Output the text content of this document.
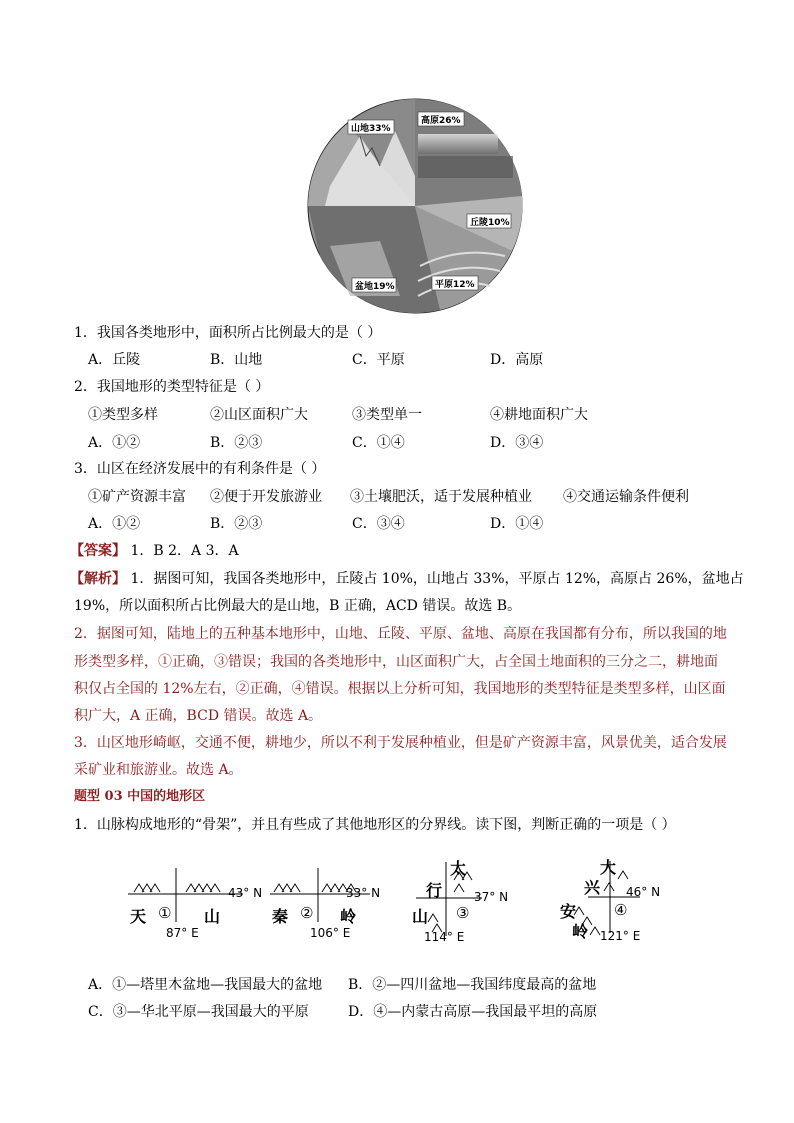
山地33%
高原26%
丘陵10%
平原12%
盆地19%
1．我国各类地形中，面积所占比例最大的是（ ）
A．丘陵	B．山地	C．平原	D．高原
2．我国地形的类型特征是（ ）
①类型多样	②山区面积广大	③类型单一	④耕地面积广大
A．①②	B．②③	C．①④	D．③④
3．山区在经济发展中的有利条件是（ ）
①矿产资源丰富 ②便于开发旅游业 ③土壤肥沃，适于发展种植业 ④交通运输条件便利
A．①②	B．②③	C．③④	D．①④
【答案】 1．B 2．A 3．A
【解析】 1．据图可知，我国各类地形中，丘陵占 10%，山地占 33%，平原占 12%，高原占 26%，盆地占
19%，所以面积所占比例最大的是山地，B 正确，ACD 错误。故选 B。
2．据图可知，陆地上的五种基本地形中，山地、丘陵、平原、盆地、高原在我国都有分布，所以我国的地
形类型多样，①正确，③错误；我国的各类地形中，山区面积广大，占全国土地面积的三分之二，耕地面
积仅占全国的 12%左右，②正确，④错误。根据以上分析可知，我国地形的类型特征是类型多样，山区面
积广大，A 正确，BCD 错误。故选 A。
3．山区地形崎岖，交通不便，耕地少，所以不利于发展种植业，但是矿产资源丰富，风景优美，适合发展
采矿业和旅游业。故选 A。
题型 03 中国的地形区
1．山脉构成地形的“骨架”，并且有些成了其他地形区的分界线。读下图，判断正确的一项是（ ）
天 ① 山
43° N
87° E
秦 ② 岭
33° N
106° E
太
行
山 ③
37° N
114° E
大
兴
安
岭
④
46° N
121° E
A．①—塔里木盆地—我国最大的盆地 B．②—四川盆地—我国纬度最高的盆地
C．③—华北平原—我国最大的平原	D．④—内蒙古高原—我国最平坦的高原
